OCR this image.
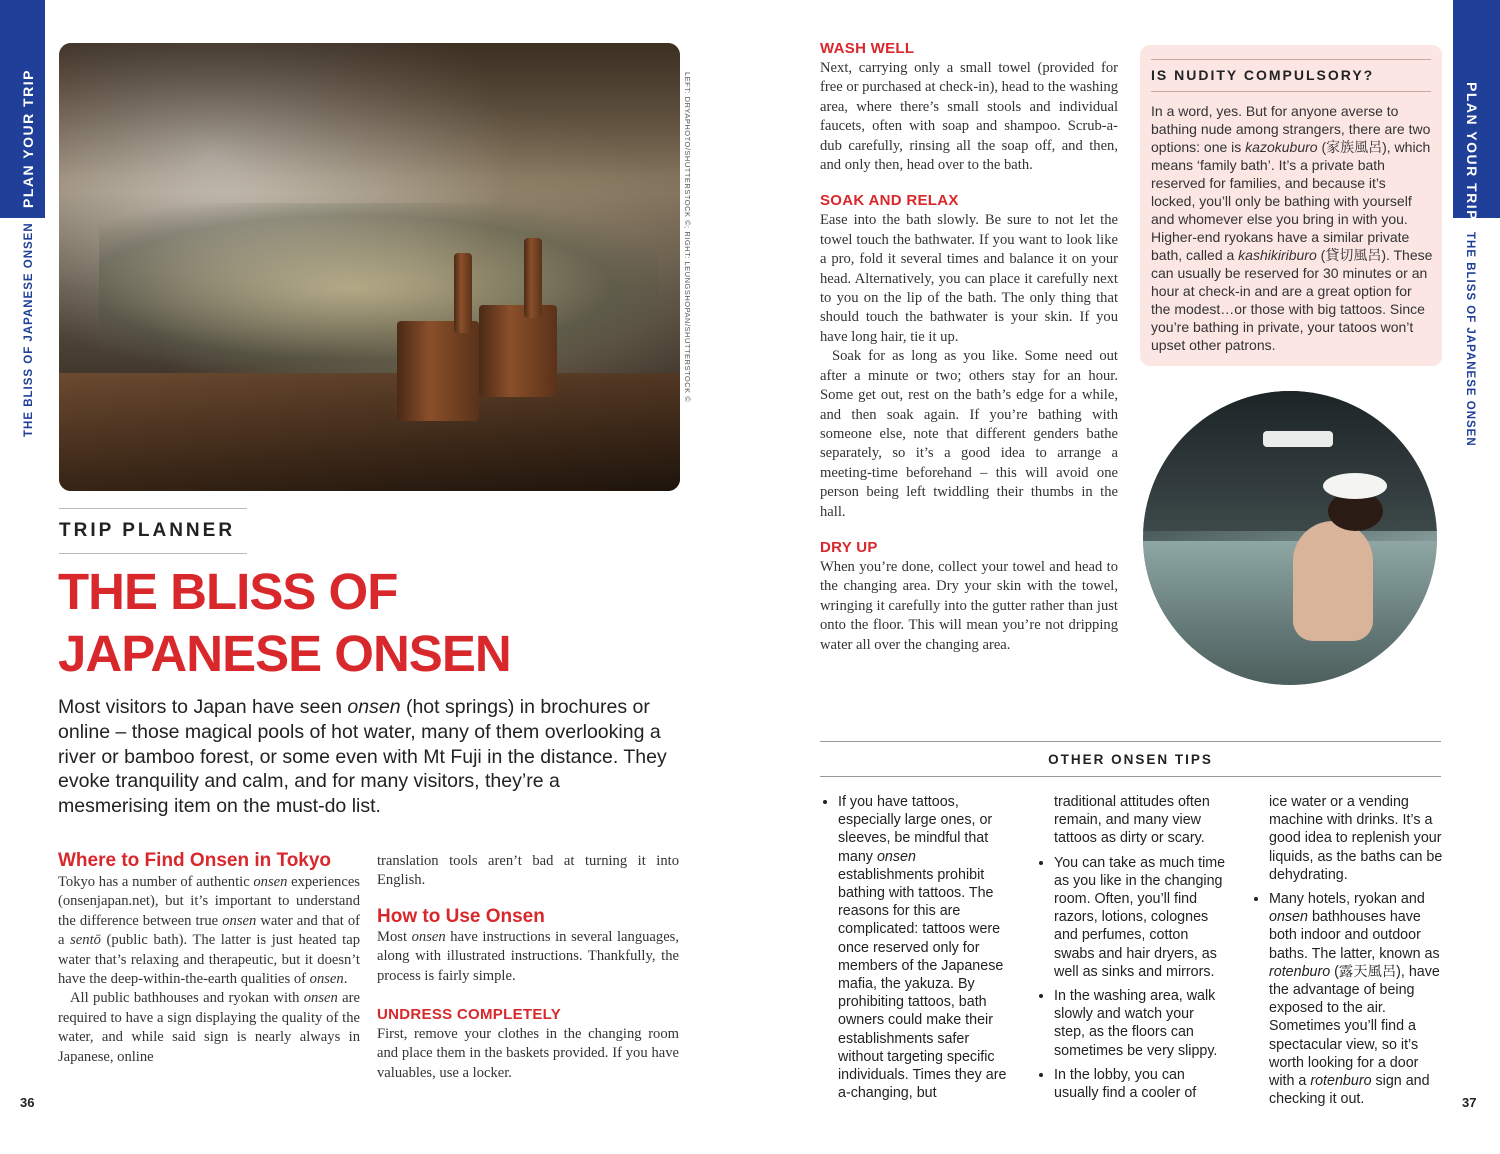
PLAN YOUR TRIP
THE BLISS OF JAPANESE ONSEN
PLAN YOUR TRIP
THE BLISS OF JAPANESE ONSEN
LEFT: DRYAPHOTO/SHUTTERSTOCK ©; RIGHT: LEUNGSHOPAN/SHUTTERSTOCK ©
TRIP PLANNER
THE BLISS OF
JAPANESE ONSEN
Most visitors to Japan have seen onsen (hot springs) in brochures or online – those magical pools of hot water, many of them overlooking a river or bamboo forest, or some even with Mt Fuji in the distance. They evoke tranquility and calm, and for many visitors, they’re a mesmerising item on the must-do list.
Where to Find Onsen in Tokyo
Tokyo has a number of authentic onsen experiences (onsenjapan.net), but it’s important to understand the difference between true onsen water and that of a sentō (public bath). The latter is just heated tap water that’s relaxing and therapeutic, but it doesn’t have the deep-within-the-earth qualities of onsen.
All public bathhouses and ryokan with onsen are required to have a sign displaying the quality of the water, and while said sign is nearly always in Japanese, online
translation tools aren’t bad at turning it into English.
How to Use Onsen
Most onsen have instructions in several languages, along with illustrated instructions. Thankfully, the process is fairly simple.
UNDRESS COMPLETELY
First, remove your clothes in the changing room and place them in the baskets provided. If you have valuables, use a locker.
36
WASH WELL
Next, carrying only a small towel (provided for free or purchased at check-in), head to the washing area, where there’s small stools and individual faucets, often with soap and shampoo. Scrub-a-dub carefully, rinsing all the soap off, and then, and only then, head over to the bath.
SOAK AND RELAX
Ease into the bath slowly. Be sure to not let the towel touch the bathwater. If you want to look like a pro, fold it several times and balance it on your head. Alternatively, you can place it carefully next to you on the lip of the bath. The only thing that should touch the bathwater is your skin. If you have long hair, tie it up.
Soak for as long as you like. Some need out after a minute or two; others stay for an hour. Some get out, rest on the bath’s edge for a while, and then soak again. If you’re bathing with someone else, note that different genders bathe separately, so it’s a good idea to arrange a meeting-time beforehand – this will avoid one person being left twiddling their thumbs in the hall.
DRY UP
When you’re done, collect your towel and head to the changing area. Dry your skin with the towel, wringing it carefully into the gutter rather than just onto the floor. This will mean you’re not dripping water all over the changing area.
IS NUDITY COMPULSORY?
In a word, yes. But for anyone averse to bathing nude among strangers, there are two options: one is kazokuburo (家族風呂), which means ‘family bath’. It’s a private bath reserved for families, and because it’s locked, you’ll only be bathing with yourself and whomever else you bring in with you. Higher-end ryokans have a similar private bath, called a kashikiriburo (貸切風呂). These can usually be reserved for 30 minutes or an hour at check-in and are a great option for the modest…or those with big tattoos. Since you’re bathing in private, your tatoos won’t upset other patrons.
OTHER ONSEN TIPS
• If you have tattoos, especially large ones, or sleeves, be mindful that many onsen establishments prohibit bathing with tattoos. The reasons for this are complicated: tattoos were once reserved only for members of the Japanese mafia, the yakuza. By prohibiting tattoos, bath owners could make their establishments safer without targeting specific individuals. Times they are a-changing, but
traditional attitudes often remain, and many view tattoos as dirty or scary.
• You can take as much time as you like in the changing room. Often, you’ll find razors, lotions, colognes and perfumes, cotton swabs and hair dryers, as well as sinks and mirrors.
• In the washing area, walk slowly and watch your step, as the floors can sometimes be very slippy.
• In the lobby, you can usually find a cooler of
ice water or a vending machine with drinks. It’s a good idea to replenish your liquids, as the baths can be dehydrating.
• Many hotels, ryokan and onsen bathhouses have both indoor and outdoor baths. The latter, known as rotenburo (露天風呂), have the advantage of being exposed to the air. Sometimes you’ll find a spectacular view, so it’s worth looking for a door with a rotenburo sign and checking it out.	37
